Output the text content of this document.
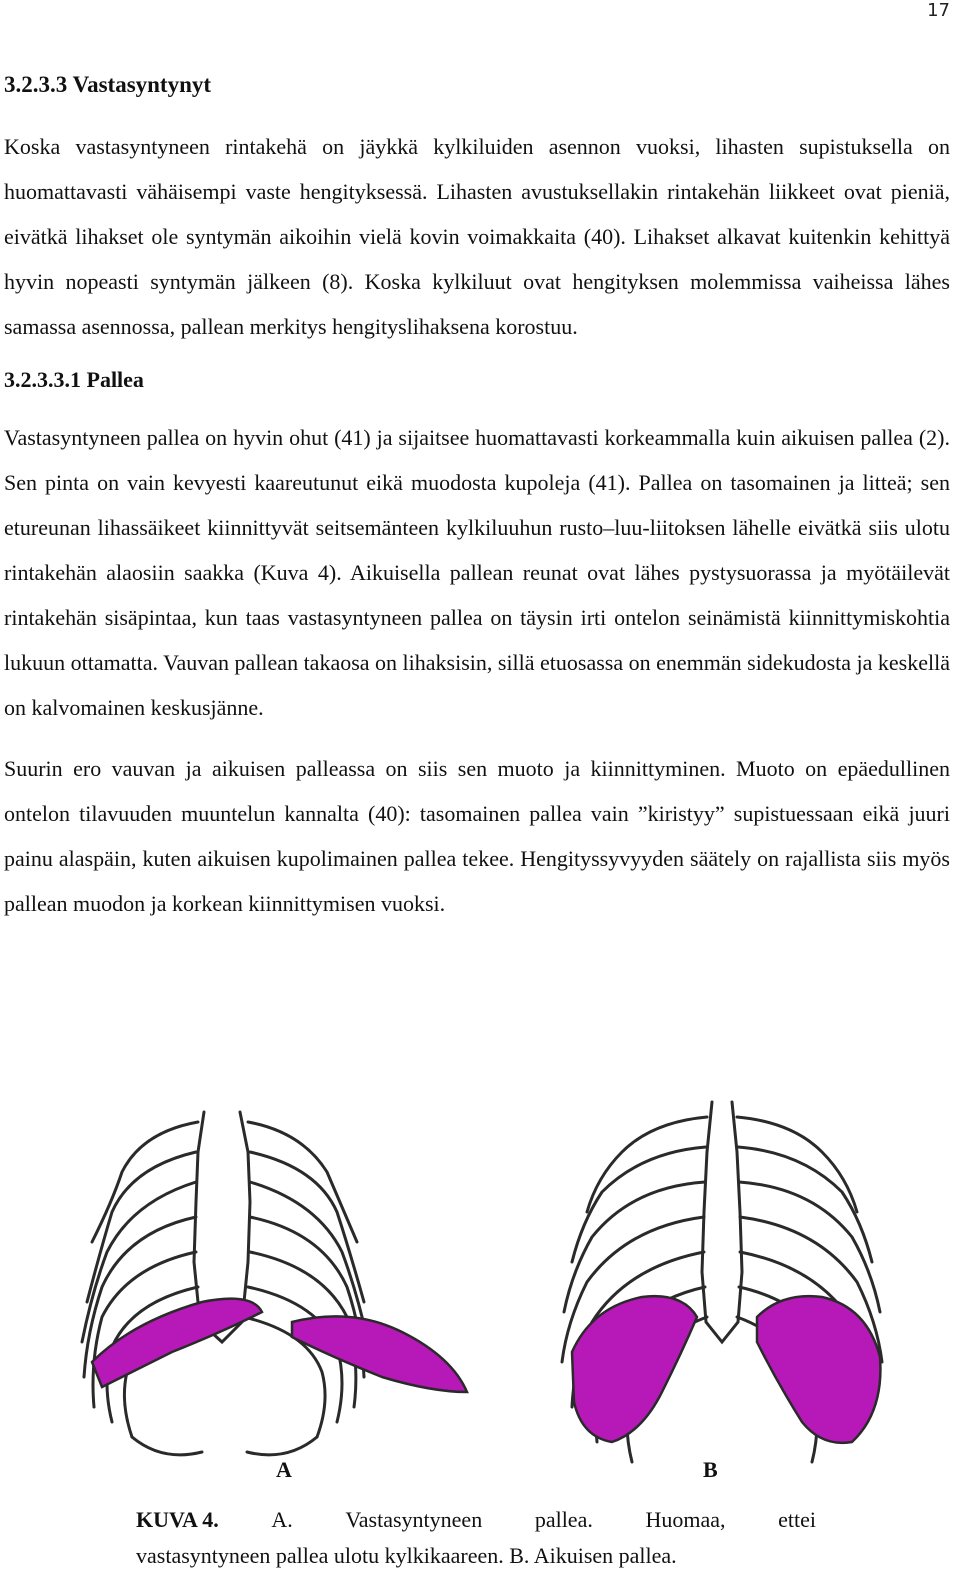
17
3.2.3.3 Vastasyntynyt

Koska vastasyntyneen rintakehä on jäykkä kylkiluiden asennon vuoksi, lihasten supistuksella on huomattavasti vähäisempi vaste hengityksessä. Lihasten avustuksellakin rintakehän liikkeet ovat pieniä, eivätkä lihakset ole syntymän aikoihin vielä kovin voimakkaita (40). Lihakset alkavat kuitenkin kehittyä hyvin nopeasti syntymän jälkeen (8). Koska kylkiluut ovat hengityksen molemmissa vaiheissa lähes samassa asennossa, pallean merkitys hengityslihaksena korostuu.

3.2.3.3.1 Pallea

Vastasyntyneen pallea on hyvin ohut (41) ja sijaitsee huomattavasti korkeammalla kuin aikuisen pallea (2). Sen pinta on vain kevyesti kaareutunut eikä muodosta kupoleja (41). Pallea on tasomainen ja litteä; sen etureunan lihassäikeet kiinnittyvät seitsemänteen kylkiluuhun rusto–luu-liitoksen lähelle eivätkä siis ulotu rintakehän alaosiin saakka (Kuva 4). Aikuisella pallean reunat ovat lähes pystysuorassa ja myötäilevät rintakehän sisäpintaa, kun taas vastasyntyneen pallea on täysin irti ontelon seinämistä kiinnittymiskohtia lukuun ottamatta. Vauvan pallean takaosa on lihaksisin, sillä etuosassa on enemmän sidekudosta ja keskellä on kalvomainen keskusjänne.

Suurin ero vauvan ja aikuisen palleassa on siis sen muoto ja kiinnittyminen. Muoto on epäedullinen ontelon tilavuuden muuntelun kannalta (40): tasomainen pallea vain ”kiristyy” supistuessaan eikä juuri painu alaspäin, kuten aikuisen kupolimainen pallea tekee. Hengityssyvyyden säätely on rajallista siis myös pallean muodon ja korkean kiinnittymisen vuoksi.

A	B
KUVA 4. A. Vastasyntyneen pallea. Huomaa, ettei
vastasyntyneen pallea ulotu kylkikaareen. B. Aikuisen pallea.
